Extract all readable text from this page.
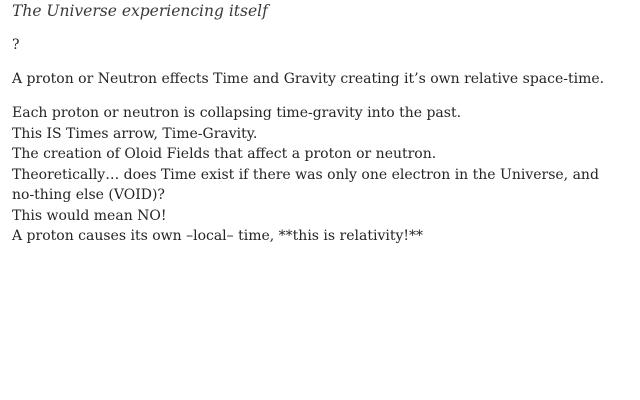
The Universe experiencing itself

?

A proton or Neutron effects Time and Gravity creating it’s own relative space-time.

Each proton or neutron is collapsing time-gravity into the past.
This IS Times arrow, Time-Gravity.
The creation of Oloid Fields that affect a proton or neutron.
Theoretically… does Time exist if there was only one electron in the Universe, and no-thing else (VOID)?
This would mean NO!
A proton causes its own –local– time, **this is relativity!**
